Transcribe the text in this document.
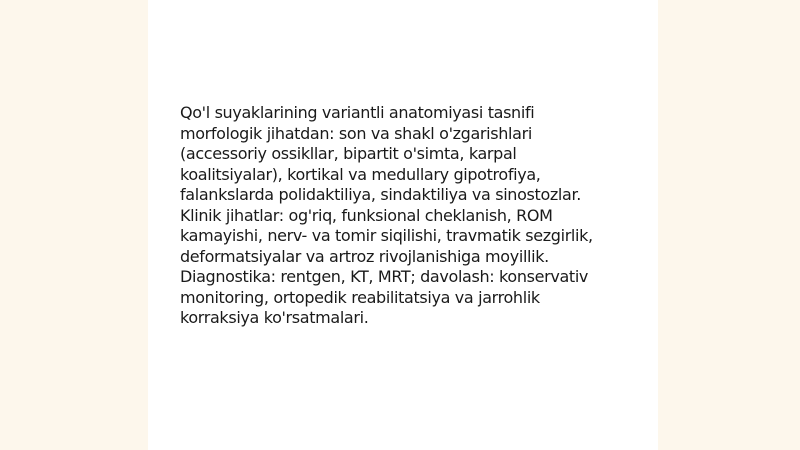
Qo'l suyaklarining variantli anatomiyasi tasnifi
morfologik jihatdan: son va shakl o'zgarishlari
(accessoriy ossikllar, bipartit o'simta, karpal
koalitsiyalar), kortikal va medullary gipotrofiya,
falankslarda polidaktiliya, sindaktiliya va sinostozlar.
Klinik jihatlar: og'riq, funksional cheklanish, ROM
kamayishi, nerv- va tomir siqilishi, travmatik sezgirlik,
deformatsiyalar va artroz rivojlanishiga moyillik.
Diagnostika: rentgen, KT, MRT; davolash: konservativ
monitoring, ortopedik reabilitatsiya va jarrohlik
korraksiya ko'rsatmalari.
